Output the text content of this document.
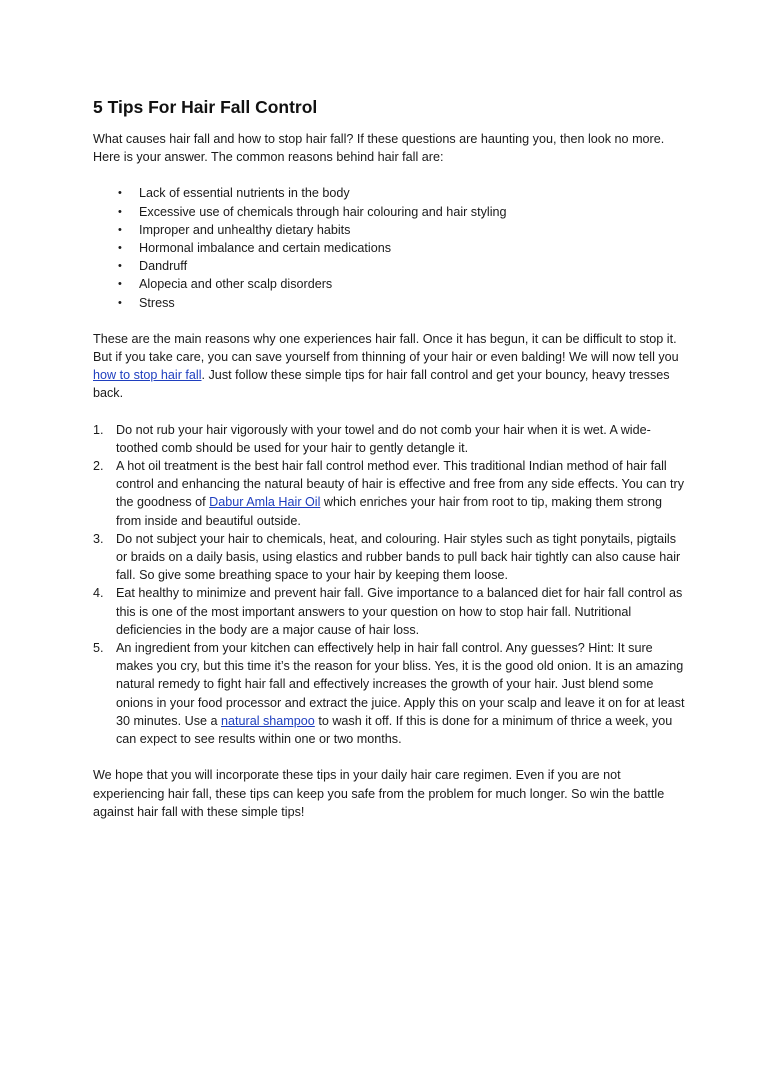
5 Tips For Hair Fall Control

What causes hair fall and how to stop hair fall? If these questions are haunting you, then look no more. Here is your answer. The common reasons behind hair fall are:

• Lack of essential nutrients in the body
• Excessive use of chemicals through hair colouring and hair styling
• Improper and unhealthy dietary habits
• Hormonal imbalance and certain medications
• Dandruff
• Alopecia and other scalp disorders
• Stress

These are the main reasons why one experiences hair fall. Once it has begun, it can be difficult to stop it. But if you take care, you can save yourself from thinning of your hair or even balding! We will now tell you how to stop hair fall. Just follow these simple tips for hair fall control and get your bouncy, heavy tresses back.

1. Do not rub your hair vigorously with your towel and do not comb your hair when it is wet. A wide-toothed comb should be used for your hair to gently detangle it.
2. A hot oil treatment is the best hair fall control method ever. This traditional Indian method of hair fall control and enhancing the natural beauty of hair is effective and free from any side effects. You can try the goodness of Dabur Amla Hair Oil which enriches your hair from root to tip, making them strong from inside and beautiful outside.
3. Do not subject your hair to chemicals, heat, and colouring. Hair styles such as tight ponytails, pigtails or braids on a daily basis, using elastics and rubber bands to pull back hair tightly can also cause hair fall. So give some breathing space to your hair by keeping them loose.
4. Eat healthy to minimize and prevent hair fall. Give importance to a balanced diet for hair fall control as this is one of the most important answers to your question on how to stop hair fall. Nutritional deficiencies in the body are a major cause of hair loss.
5. An ingredient from your kitchen can effectively help in hair fall control. Any guesses? Hint: It sure makes you cry, but this time it’s the reason for your bliss. Yes, it is the good old onion. It is an amazing natural remedy to fight hair fall and effectively increases the growth of your hair. Just blend some onions in your food processor and extract the juice. Apply this on your scalp and leave it on for at least 30 minutes. Use a natural shampoo to wash it off. If this is done for a minimum of thrice a week, you can expect to see results within one or two months.

We hope that you will incorporate these tips in your daily hair care regimen. Even if you are not experiencing hair fall, these tips can keep you safe from the problem for much longer. So win the battle against hair fall with these simple tips!
